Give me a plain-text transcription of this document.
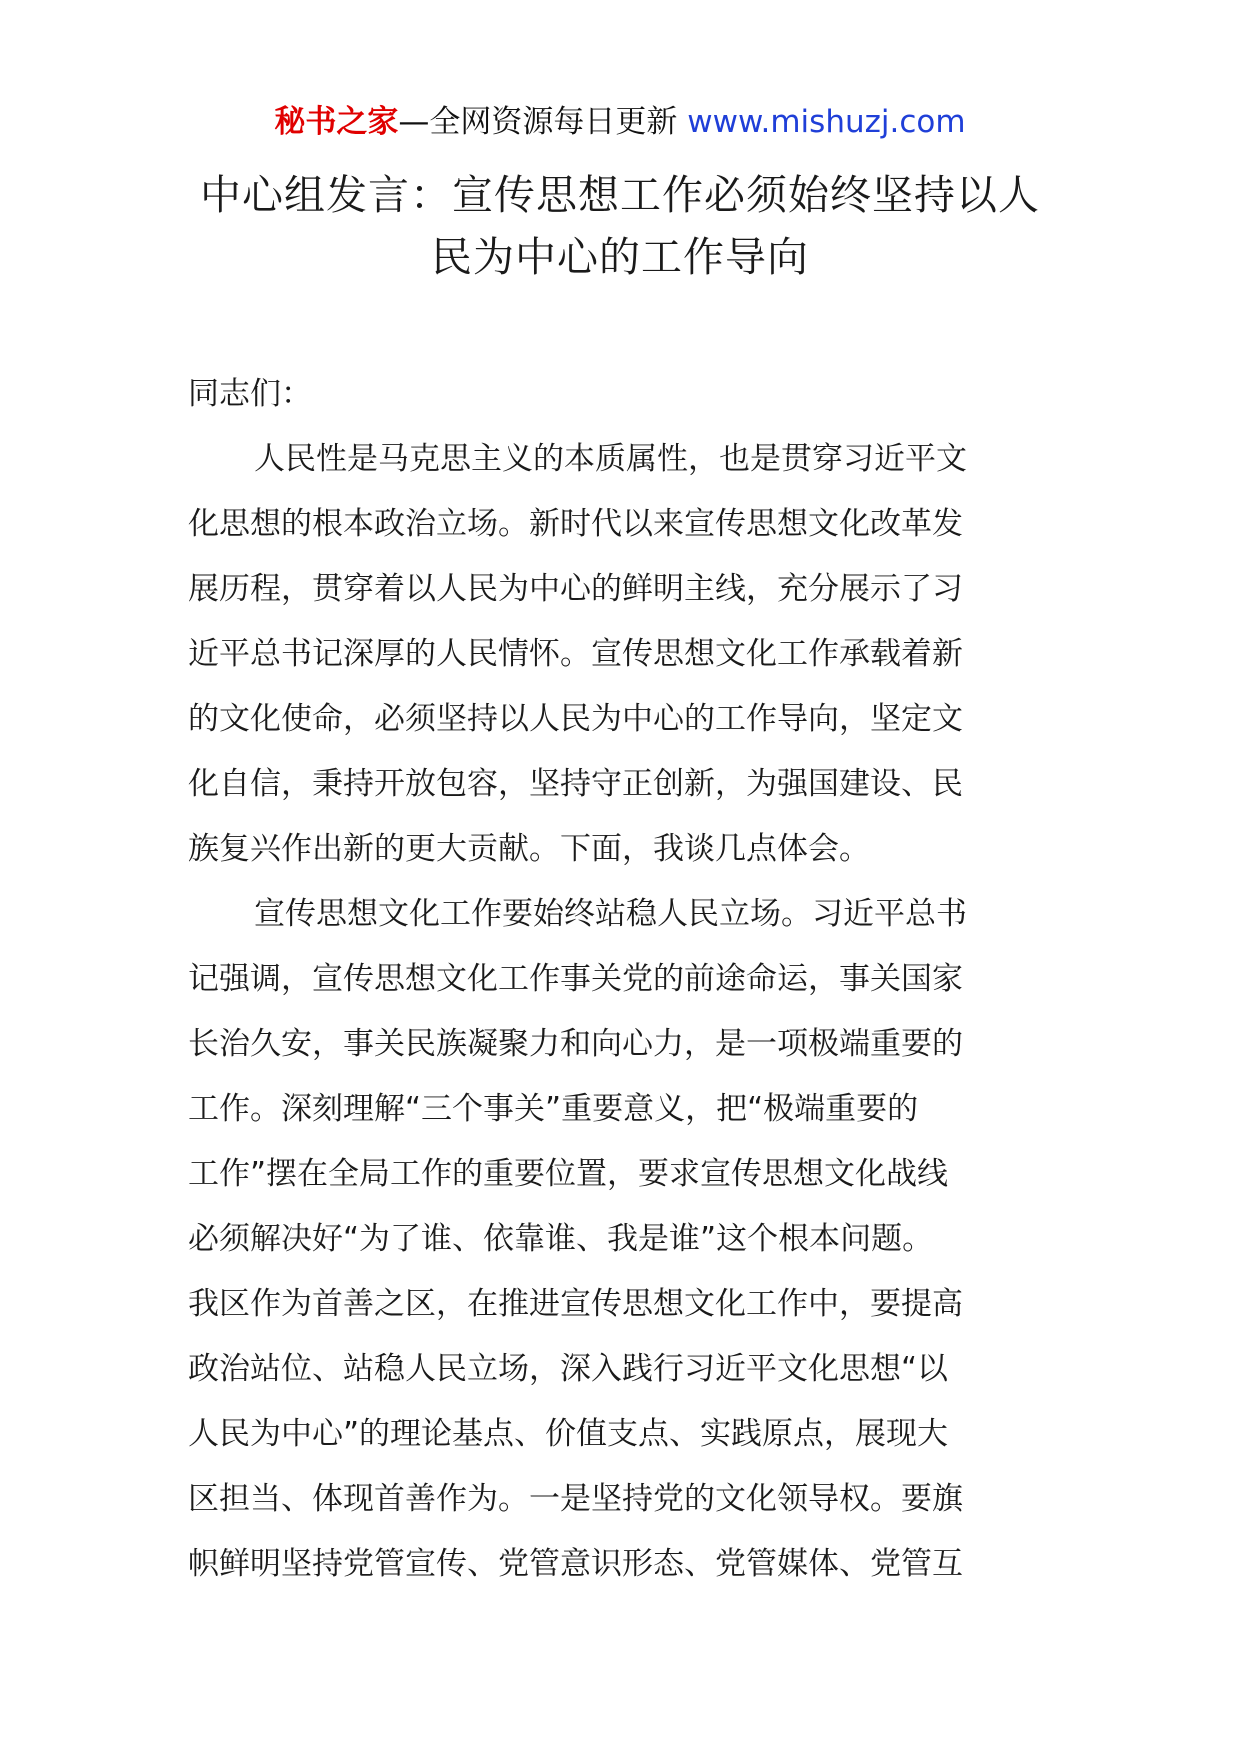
秘书之家—全网资源每日更新 www.mishuzj.com
中心组发言：宣传思想工作必须始终坚持以人
民为中心的工作导向
同志们：
人民性是马克思主义的本质属性，也是贯穿习近平文
化思想的根本政治立场。新时代以来宣传思想文化改革发
展历程，贯穿着以人民为中心的鲜明主线，充分展示了习
近平总书记深厚的人民情怀。宣传思想文化工作承载着新
的文化使命，必须坚持以人民为中心的工作导向，坚定文
化自信，秉持开放包容，坚持守正创新，为强国建设、民
族复兴作出新的更大贡献。下面，我谈几点体会。
宣传思想文化工作要始终站稳人民立场。习近平总书
记强调，宣传思想文化工作事关党的前途命运，事关国家
长治久安，事关民族凝聚力和向心力，是一项极端重要的
工作。深刻理解“三个事关”重要意义，把“极端重要的
工作”摆在全局工作的重要位置，要求宣传思想文化战线
必须解决好“为了谁、依靠谁、我是谁”这个根本问题。
我区作为首善之区，在推进宣传思想文化工作中，要提高
政治站位、站稳人民立场，深入践行习近平文化思想“以
人民为中心”的理论基点、价值支点、实践原点，展现大
区担当、体现首善作为。一是坚持党的文化领导权。要旗
帜鲜明坚持党管宣传、党管意识形态、党管媒体、党管互
